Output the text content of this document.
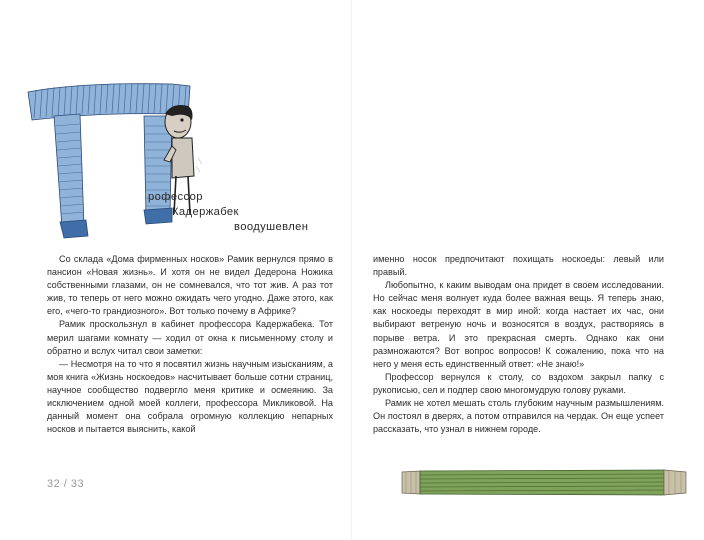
рофессор
Кадержабек
воодушевлен

Со склада «Дома фирменных носков» Рамик вернулся прямо в пансион «Новая жизнь». И хотя он не видел Дедерона Ножика собственными глазами, он не сомневался, что тот жив. А раз тот жив, то теперь от него можно ожидать чего угодно. Даже этого, как его, «чего-то грандиозного». Вот только почему в Африке?

Рамик проскользнул в кабинет профессора Кадержабека. Тот мерил шагами комнату — ходил от окна к письменному столу и обратно и вслух читал свои заметки:

— Несмотря на то что я посвятил жизнь научным изысканиям, а моя книга «Жизнь носкоедов» насчитывает больше сотни страниц, научное сообщество подвергло меня критике и осмеянию. За исключением одной моей коллеги, профессора Микликовой. На данный момент она собрала огромную коллекцию непарных носков и пытается выяснить, какой

32 / 33

именно носок предпочитают похищать носкоеды: левый или правый.

Любопытно, к каким выводам она придет в своем исследовании. Но сейчас меня волнует куда более важная вещь. Я теперь знаю, как носкоеды переходят в мир иной: когда настает их час, они выбирают ветреную ночь и возносятся в воздух, растворяясь в порыве ветра. И это прекрасная смерть. Однако как они размножаются? Вот вопрос вопросов! К сожалению, пока что на него у меня есть единственный ответ: «Не знаю!»

Профессор вернулся к столу, со вздохом закрыл папку с рукописью, сел и подпер свою многомудрую голову руками.

Рамик не хотел мешать столь глубоким научным размышлениям. Он постоял в дверях, а потом отправился на чердак. Он еще успеет рассказать, что узнал в нижнем городе.
